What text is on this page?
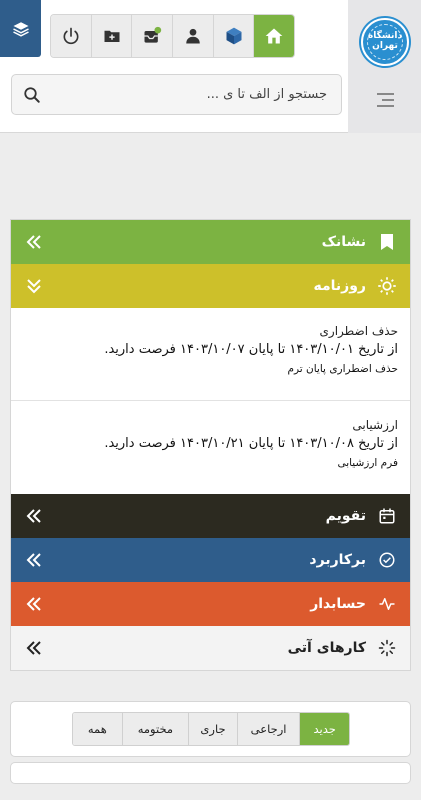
جستجو از الف تا ی ...
دانشگاه تهران
نشانک
روزنامه
حذف اضطراری
از تاریخ ۱۴۰۳/۱۰/۰۱ تا پایان ۱۴۰۳/۱۰/۰۷ فرصت دارید.
حذف اضطراری پایان ترم
ارزشیابی
از تاریخ ۱۴۰۳/۱۰/۰۸ تا پایان ۱۴۰۳/۱۰/۲۱ فرصت دارید.
فرم ارزشیابی
تقویم
برکاربرد
حسابدار
کارهای آتی
همه	مختومه	جاری	ارجاعی	جدید
